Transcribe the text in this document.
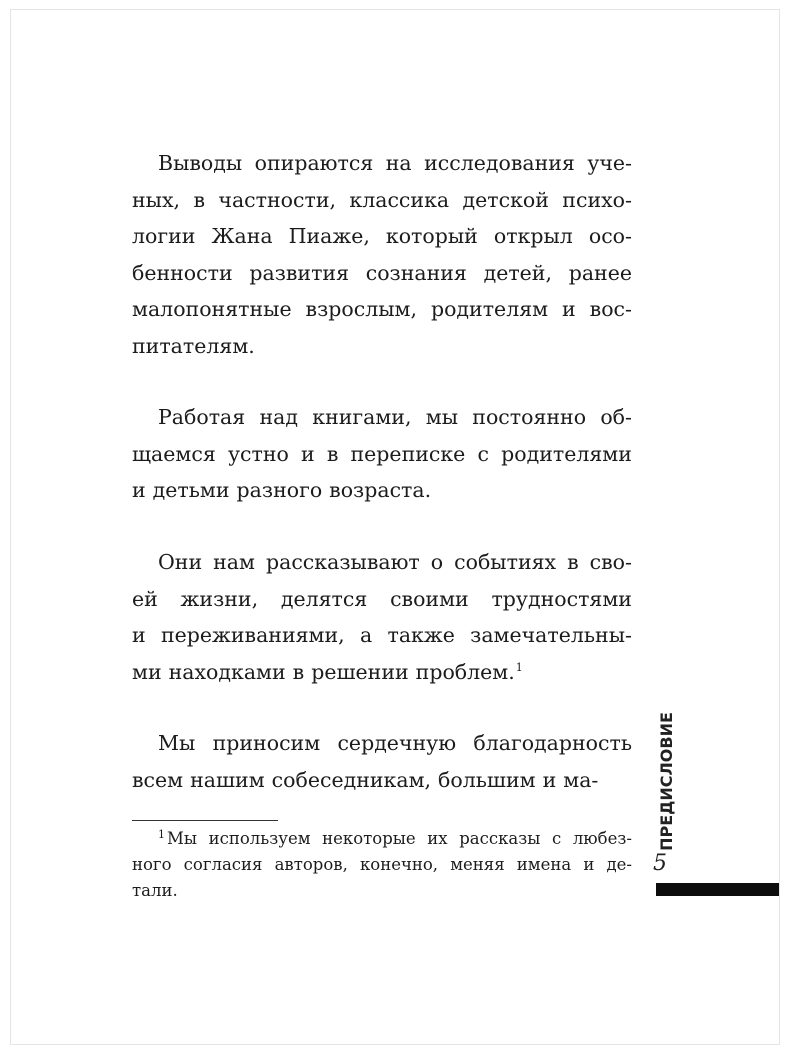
Выводы опираются на исследования уче-
ных, в частности, классика детской психо-
логии Жана Пиаже, который открыл осо-
бенности развития сознания детей, ранее
малопонятные взрослым, родителям и вос-
питателям.
Работая над книгами, мы постоянно об-
щаемся устно и в переписке с родителями
и детьми разного возраста.
Они нам рассказывают о событиях в сво-
ей жизни, делятся своими трудностями
и переживаниями, а также замечательны-
ми находками в решении проблем.$^1$
Мы приносим сердечную благодарность
всем нашим собеседникам, большим и ма-
$^1$ Мы используем некоторые их рассказы с любез-
ного согласия авторов, конечно, меняя имена и де-
тали.
ПРЕДИСЛОВИЕ
5
